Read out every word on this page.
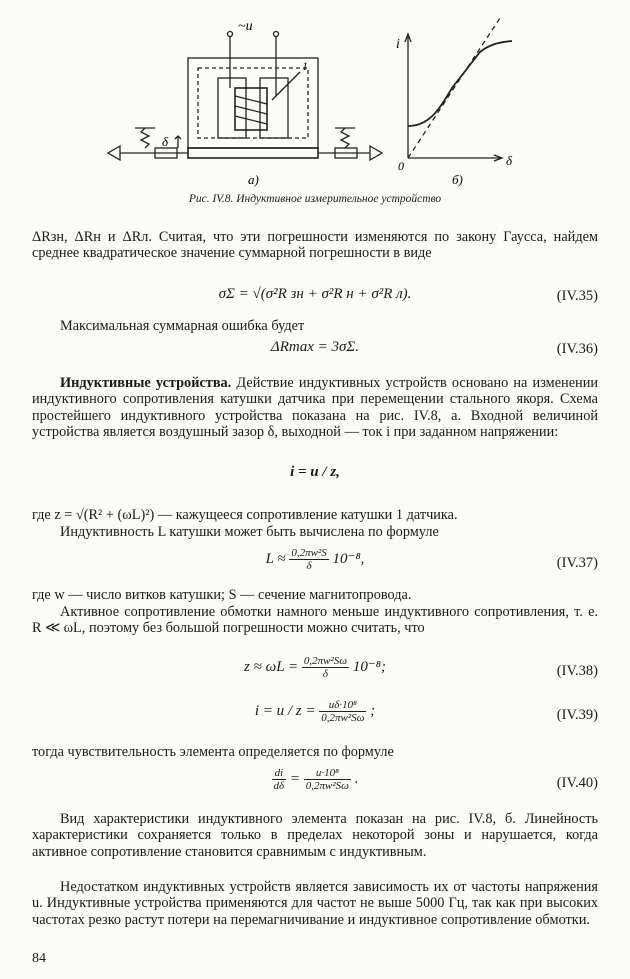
~u
1
δ
а)
i
δ
0
б)
Рис. IV.8. Индуктивное измерительное устройство
ΔRзн, ΔRн и ΔRл. Считая, что эти погрешности изменяются по закону Гаусса, найдем среднее квадратическое значение суммарной погрешности в виде
σΣ = √(σ²R зн + σ²R н + σ²R л).	(IV.35)
Максимальная суммарная ошибка будет
ΔRmax = 3σΣ.	(IV.36)
Индуктивные устройства. Действие индуктивных устройств основано на изменении индуктивного сопротивления катушки датчика при перемещении стального якоря. Схема простейшего индуктивного устройства показана на рис. IV.8, а. Входной величиной устройства является воздушный зазор δ, выходной — ток i при заданном напряжении:
i = u / z,
где z = √(R² + (ωL)²) — кажущееся сопротивление катушки 1 датчика.
Индуктивность L катушки может быть вычислена по формуле
$L \approx \frac{\text{0,2πw²S}}{\delta} 10^{-8}$,	(IV.37)
где w — число витков катушки; S — сечение магнитопровода.
Активное сопротивление обмотки намного меньше индуктивного сопротивления, т. е. R ≪ ωL, поэтому без большой погрешности можно считать, что
$z \approx \omega L = \frac{\text{0,2πw²Sω}}{\delta} 10^{-8}$;	(IV.38)
$i = u / z = \frac{\text{uδ·10⁸}}{\text{0,2πw²Sω}}$ ;	(IV.39)
тогда чувствительность элемента определяется по формуле
$\frac{di}{d\delta} = \frac{\text{u·10⁸}}{\text{0,2πw²Sω}}$ .	(IV.40)
Вид характеристики индуктивного элемента показан на рис. IV.8, б. Линейность характеристики сохраняется только в пределах некоторой зоны и нарушается, когда активное сопротивление становится сравнимым с индуктивным.
Недостатком индуктивных устройств является зависимость их от частоты напряжения u. Индуктивные устройства применяются для частот не выше 5000 Гц, так как при высоких частотах резко растут потери на перемагничивание и индуктивное сопротивление обмотки.
84
